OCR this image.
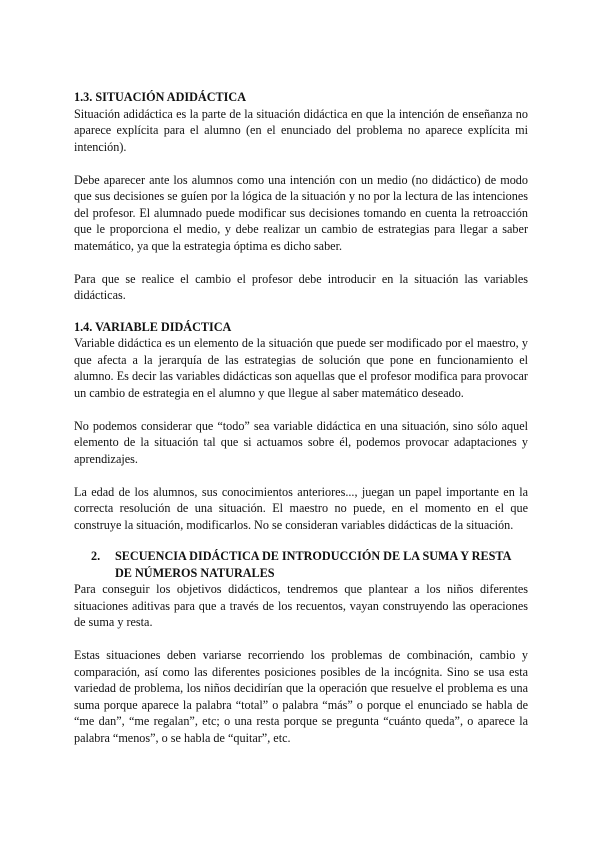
1.3. SITUACIÓN ADIDÁCTICA

Situación adidáctica es la parte de la situación didáctica en que la intención de enseñanza no aparece explícita para el alumno (en el enunciado del problema no aparece explícita mi intención).

Debe aparecer ante los alumnos como una intención con un medio (no didáctico) de modo que sus decisiones se guíen por la lógica de la situación y no por la lectura de las intenciones del profesor. El alumnado puede modificar sus decisiones tomando en cuenta la retroacción que le proporciona el medio, y debe realizar un cambio de estrategias para llegar a saber matemático, ya que la estrategia óptima es dicho saber.

Para que se realice el cambio el profesor debe introducir en la situación las variables didácticas.

1.4. VARIABLE DIDÁCTICA

Variable didáctica es un elemento de la situación que puede ser modificado por el maestro, y que afecta a la jerarquía de las estrategias de solución que pone en funcionamiento el alumno. Es decir las variables didácticas son aquellas que el profesor modifica para provocar un cambio de estrategia en el alumno y que llegue al saber matemático deseado.

No podemos considerar que “todo” sea variable didáctica en una situación, sino sólo aquel elemento de la situación tal que si actuamos sobre él, podemos provocar adaptaciones y aprendizajes.

La edad de los alumnos, sus conocimientos anteriores..., juegan un papel importante en la correcta resolución de una situación. El maestro no puede, en el momento en el que construye la situación, modificarlos. No se consideran variables didácticas de la situación.

2. SECUENCIA DIDÁCTICA DE INTRODUCCIÓN DE LA SUMA Y RESTA DE NÚMEROS NATURALES

Para conseguir los objetivos didácticos, tendremos que plantear a los niños diferentes situaciones aditivas para que a través de los recuentos, vayan construyendo las operaciones de suma y resta.

Estas situaciones deben variarse recorriendo los problemas de combinación, cambio y comparación, así como las diferentes posiciones posibles de la incógnita. Sino se usa esta variedad de problema, los niños decidirían que la operación que resuelve el problema es una suma porque aparece la palabra “total” o palabra “más” o porque el enunciado se habla de “me dan”, “me regalan”, etc; o una resta porque se pregunta “cuánto queda”, o aparece la palabra “menos”, o se habla de “quitar”, etc.
